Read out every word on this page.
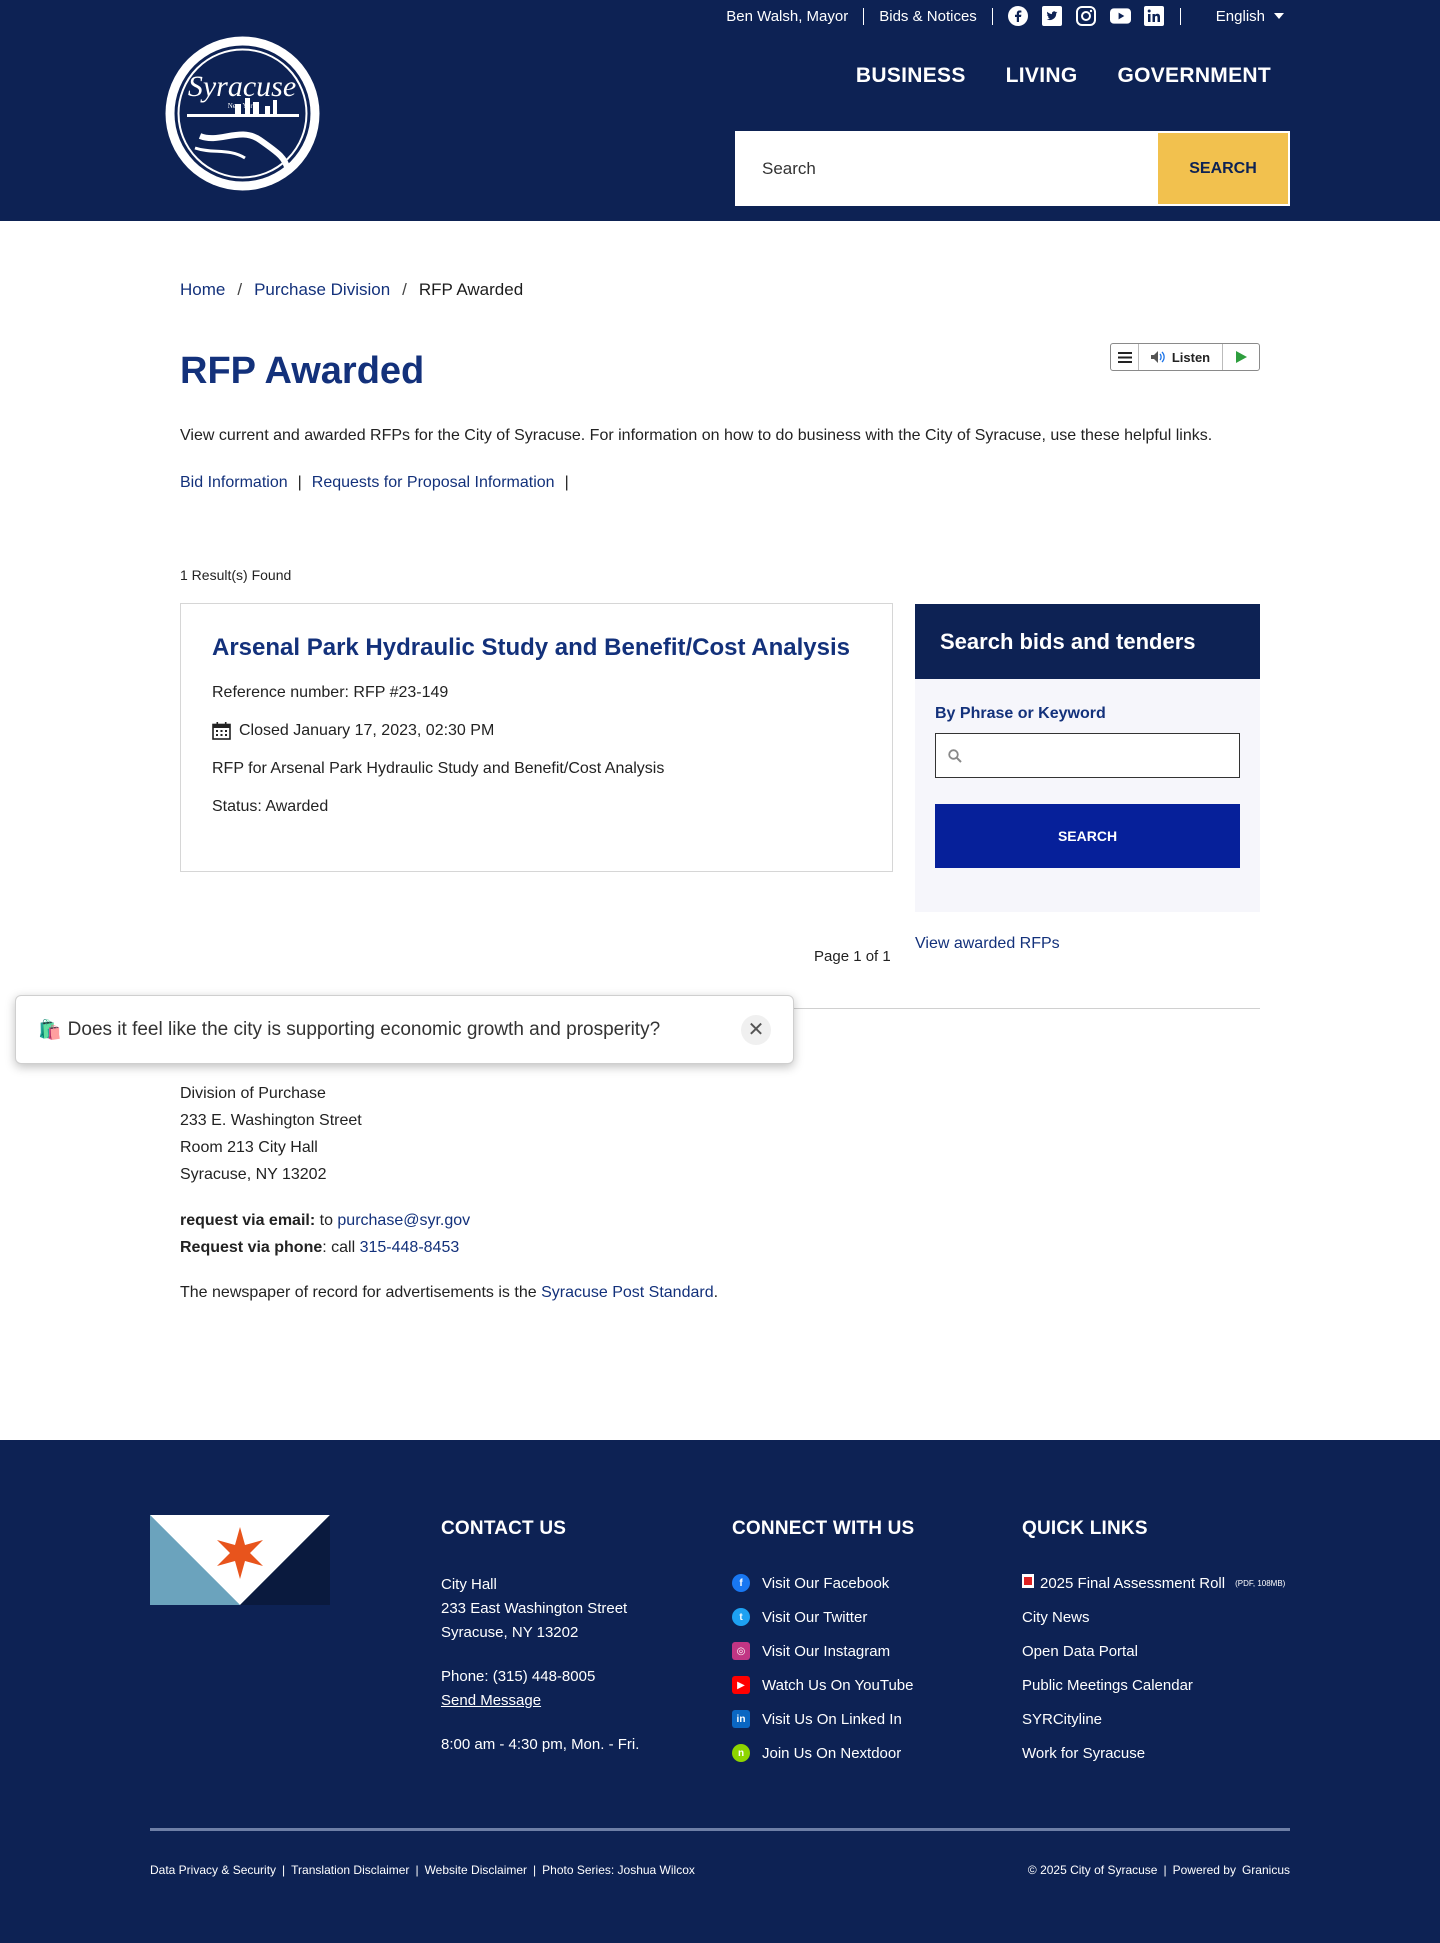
Ben Walsh, Mayor Bids & Notices	English
Syracuse
New York
BUSINESS LIVING GOVERNMENT
Search
SEARCH
Home / Purchase Division / RFP Awarded
RFP Awarded	Listen

View current and awarded RFPs for the City of Syracuse. For information on how to do business with the City of Syracuse, use these helpful links.

Bid Information | Requests for Proposal Information |
1 Result(s) Found
Arsenal Park Hydraulic Study and Benefit/Cost Analysis
Reference number: RFP #23-149
Closed January 17, 2023, 02:30 PM
RFP for Arsenal Park Hydraulic Study and Benefit/Cost Analysis
Status: Awarded
Search bids and tenders
By Phrase or Keyword
SEARCH
Page 1 of 1
View awarded RFPs
Division of Purchase
233 E. Washington Street
Room 213 City Hall
Syracuse, NY 13202
request via email: to purchase@syr.gov
Request via phone: call 315-448-8453

The newspaper of record for advertisements is the Syracuse Post Standard.

🛍️ Does it feel like the city is supporting economic growth and prosperity?	✕
CONTACT US
City Hall
233 East Washington Street
Syracuse, NY 13202
Phone: (315) 448-8005
Send Message
8:00 am - 4:30 pm, Mon. - Fri.
CONNECT WITH US
f	Visit Our Facebook
t	Visit Our Twitter
◎	Visit Our Instagram
▶	Watch Us On YouTube
in	Visit Us On Linked In
n	Join Us On Nextdoor
QUICK LINKS
2025 Final Assessment Roll (PDF, 108MB)
City News
Open Data Portal
Public Meetings Calendar
SYRCityline
Work for Syracuse
Data Privacy & Security | Translation Disclaimer | Website Disclaimer | Photo Series: Joshua Wilcox	© 2025 City of Syracuse | Powered by Granicus
